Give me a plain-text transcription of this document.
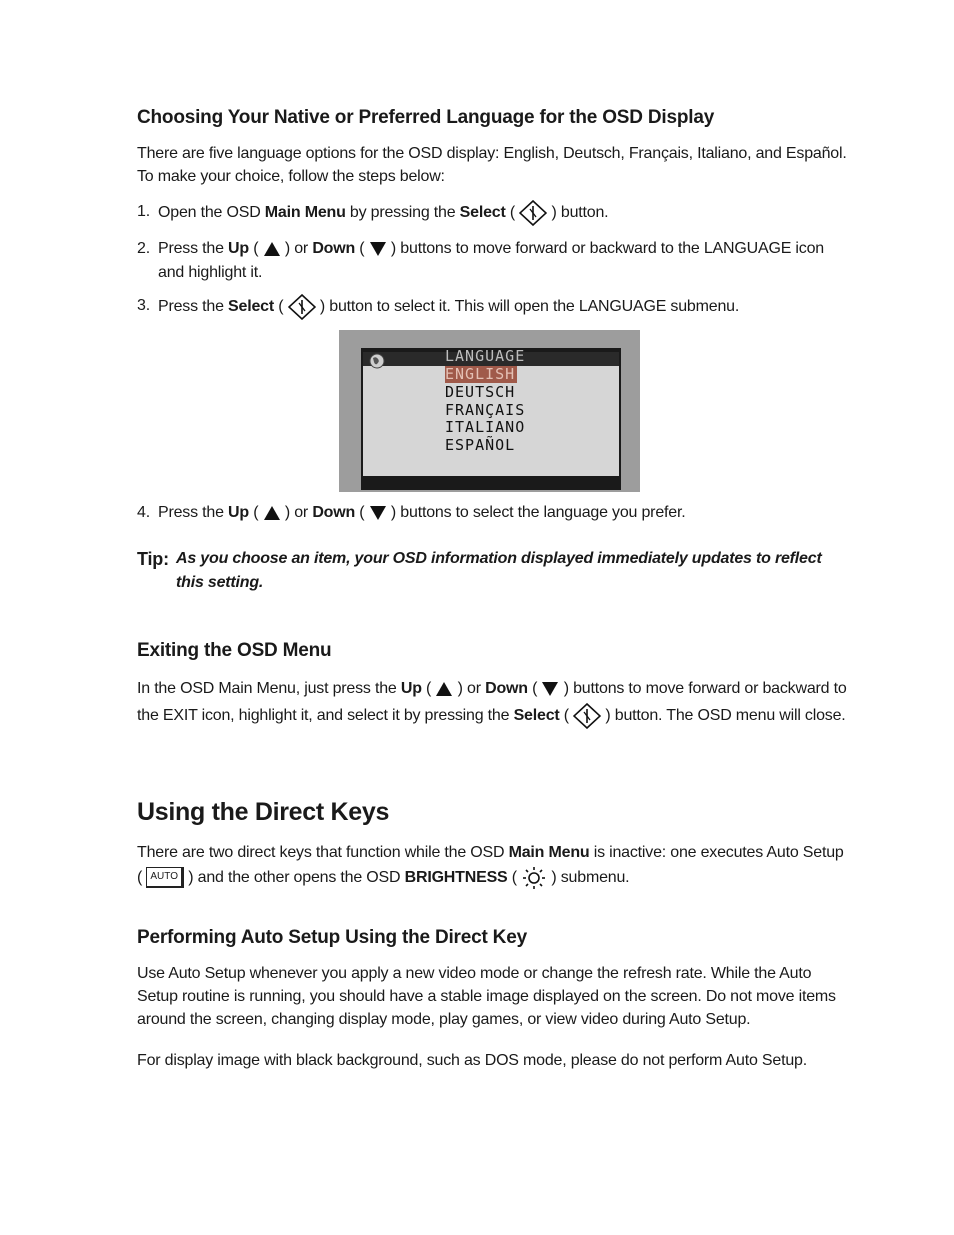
Choosing Your Native or Preferred Language for the OSD Display
There are five language options for the OSD display: English, Deutsch, Français, Italiano, and Español. To make your choice, follow the steps below:
1. Open the OSD Main Menu by pressing the Select (
) button.
2. Press the Up (
) or Down (
) buttons to move forward or backward to the LANGUAGE icon and highlight it.
3. Press the Select (
) button to select it. This will open the LANGUAGE submenu.
4. Press the Up (
) or Down (
) buttons to select the language you prefer.
Tip: As you choose an item, your OSD information displayed immediately updates to reflect this setting.
Exiting the OSD Menu
In the OSD Main Menu, just press the Up (
) or Down (
) buttons to move forward or backward to the EXIT icon, highlight it, and select it by pressing the Select (
) button. The OSD menu will close.
Using the Direct Keys
There are two direct keys that function while the OSD Main Menu is inactive: one executes Auto Setup ( AUTO ) and the other opens the OSD BRIGHTNESS (
) submenu.
Performing Auto Setup Using the Direct Key
Use Auto Setup whenever you apply a new video mode or change the refresh rate. While the Auto Setup routine is running, you should have a stable image displayed on the screen. Do not move items around the screen, changing display mode, play games, or view video during Auto Setup.
For display image with black background, such as DOS mode, please do not perform Auto Setup.
LANGUAGE
ENGLISH
DEUTSCH
FRANÇAIS
ITALIANO
ESPAÑOL
